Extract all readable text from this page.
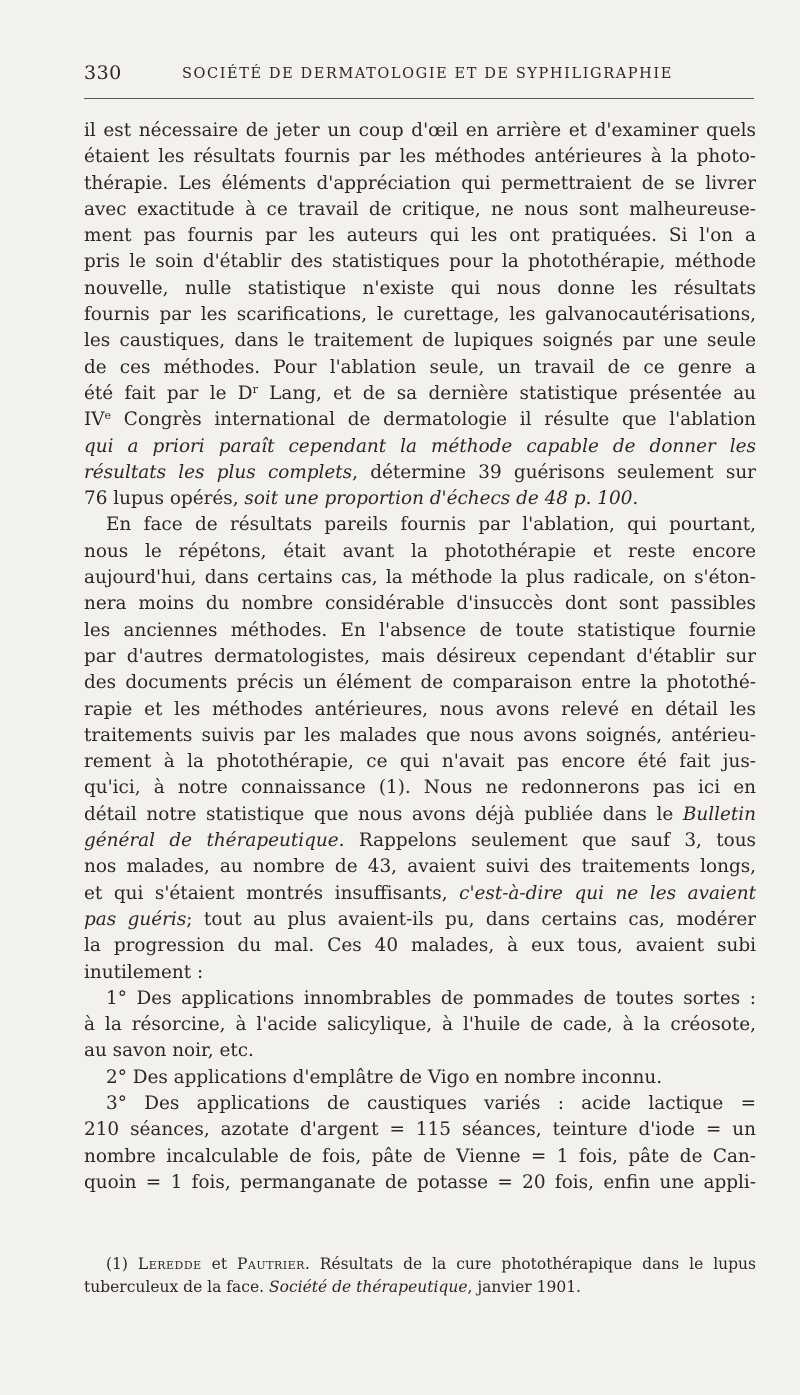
330	SOCIÉTÉ DE DERMATOLOGIE ET DE SYPHILIGRAPHIE
il est nécessaire de jeter un coup d'œil en arrière et d'examiner quels
étaient les résultats fournis par les méthodes antérieures à la photo-
thérapie. Les éléments d'appréciation qui permettraient de se livrer
avec exactitude à ce travail de critique, ne nous sont malheureuse-
ment pas fournis par les auteurs qui les ont pratiquées. Si l'on a
pris le soin d'établir des statistiques pour la photothérapie, méthode
nouvelle, nulle statistique n'existe qui nous donne les résultats
fournis par les scarifications, le curettage, les galvanocautérisations,
les caustiques, dans le traitement de lupiques soignés par une seule
de ces méthodes. Pour l'ablation seule, un travail de ce genre a
été fait par le $D^r$ Lang, et de sa dernière statistique présentée au
IVe Congrès international de dermatologie il résulte que l'ablation
qui a priori paraît cependant la méthode capable de donner les
résultats les plus complets, détermine 39 guérisons seulement sur
76 lupus opérés, soit une proportion d'échecs de 48 p. 100.
En face de résultats pareils fournis par l'ablation, qui pourtant,
nous le répétons, était avant la photothérapie et reste encore
aujourd'hui, dans certains cas, la méthode la plus radicale, on s'éton-
nera moins du nombre considérable d'insuccès dont sont passibles
les anciennes méthodes. En l'absence de toute statistique fournie
par d'autres dermatologistes, mais désireux cependant d'établir sur
des documents précis un élément de comparaison entre la photothé-
rapie et les méthodes antérieures, nous avons relevé en détail les
traitements suivis par les malades que nous avons soignés, antérieu-
rement à la photothérapie, ce qui n'avait pas encore été fait jus-
qu'ici, à notre connaissance (1). Nous ne redonnerons pas ici en
détail notre statistique que nous avons déjà publiée dans le Bulletin
général de thérapeutique. Rappelons seulement que sauf 3, tous
nos malades, au nombre de 43, avaient suivi des traitements longs,
et qui s'étaient montrés insuffisants, c'est-à-dire qui ne les avaient
pas guéris; tout au plus avaient-ils pu, dans certains cas, modérer
la progression du mal. Ces 40 malades, à eux tous, avaient subi
inutilement :
1° Des applications innombrables de pommades de toutes sortes :
à la résorcine, à l'acide salicylique, à l'huile de cade, à la créosote,
au savon noir, etc.
2° Des applications d'emplâtre de Vigo en nombre inconnu.
3° Des applications de caustiques variés : acide lactique =
210 séances, azotate d'argent = 115 séances, teinture d'iode = un
nombre incalculable de fois, pâte de Vienne = 1 fois, pâte de Can-
quoin = 1 fois, permanganate de potasse = 20 fois, enfin une appli-
(1) Leredde et Pautrier. Résultats de la cure photothérapique dans le lupus
tuberculeux de la face. Société de thérapeutique, janvier 1901.
